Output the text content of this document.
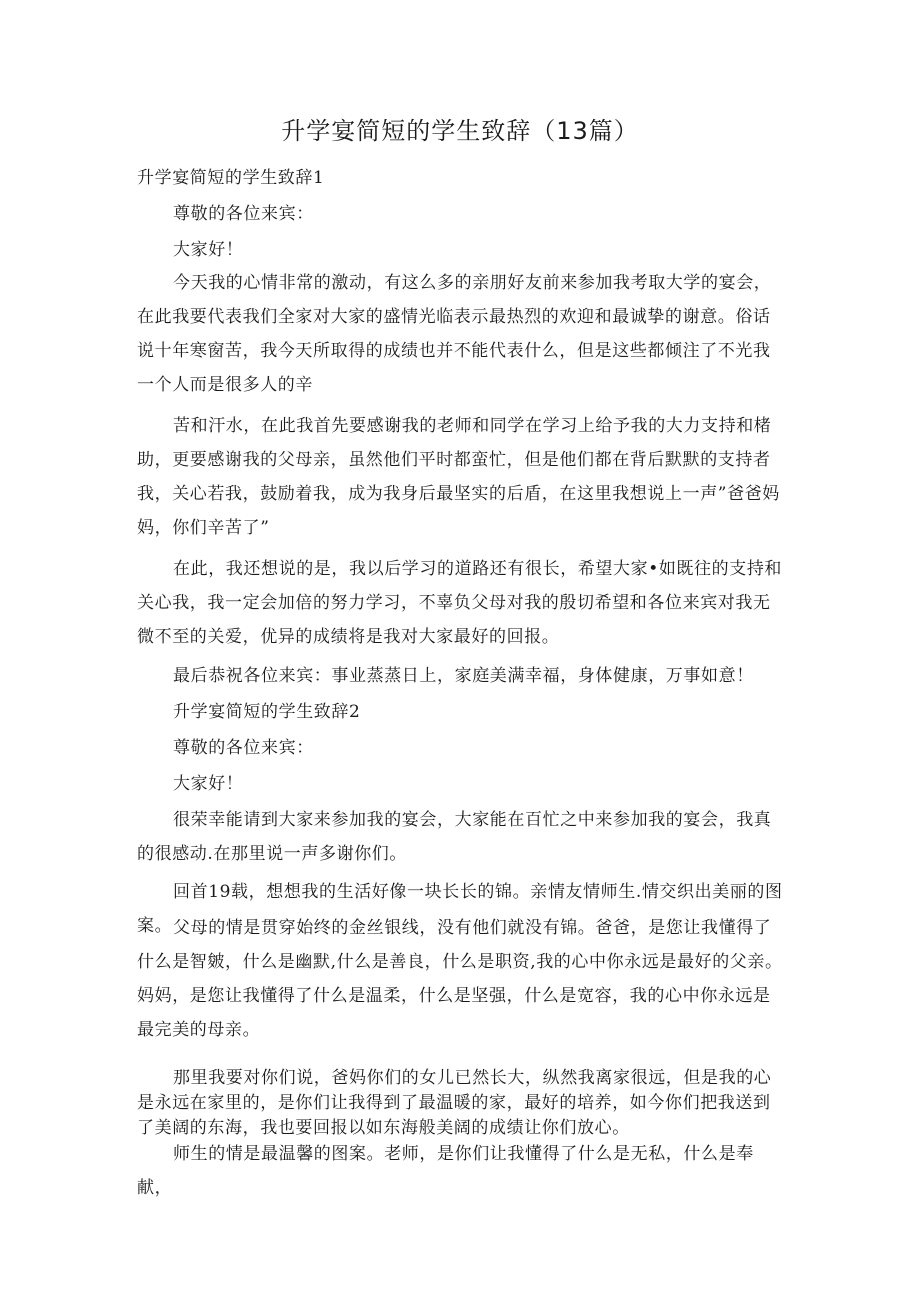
升学宴简短的学生致辞（13篇）

升学宴简短的学生致辞1

尊敬的各位来宾：

大家好！

今天我的心情非常的激动，有这么多的亲朋好友前来参加我考取大学的宴会，在此我要代表我们全家对大家的盛情光临表示最热烈的欢迎和最诚挚的谢意。俗话说十年寒窗苦，我今天所取得的成绩也并不能代表什么，但是这些都倾注了不光我一个人而是很多人的辛

苦和汗水，在此我首先要感谢我的老师和同学在学习上给予我的大力支持和楮助，更要感谢我的父母亲，虽然他们平时都蛮忙，但是他们都在背后默默的支持者我，关心若我，鼓励着我，成为我身后最坚实的后盾，在这里我想说上一声”爸爸妈妈，你们辛苦了”

在此，我还想说的是，我以后学习的道路还有很长，希望大家•如既往的支持和关心我，我一定会加倍的努力学习，不辜负父母对我的殷切希望和各位来宾对我无微不至的关爱，优异的成绩将是我对大家最好的回报。

最后恭祝各位来宾：事业蒸蒸日上，家庭美满幸福，身体健康，万事如意！

升学宴简短的学生致辞2

尊敬的各位来宾：

大家好！

很荣幸能请到大家来参加我的宴会，大家能在百忙之中来参加我的宴会，我真的很感动.在那里说一声多谢你们。

回首19载，想想我的生活好像一块长长的锦。亲情友情师生.情交织出美丽的图案。 父母的情是贯穿始终的金丝银线，没有他们就没有锦。爸爸，是您让我懂得了什么是智皴，什么是幽默,什么是善良，什么是职资,我的心中你永远是最好的父亲。妈妈，是您让我懂得了什么是温柔，什么是坚强，什么是宽容，我的心中你永远是最完美的母亲。

那里我要对你们说，爸妈你们的女儿已然长大，纵然我离家很远，但是我的心是永远在家里的，是你们让我得到了最温暖的家，最好的培养，如今你们把我送到了美阔的东海，我也要回报以如东海般美阔的成绩让你们放心。

师生的情是最温馨的图案。老师，是你们让我懂得了什么是无私，什么是奉献，
